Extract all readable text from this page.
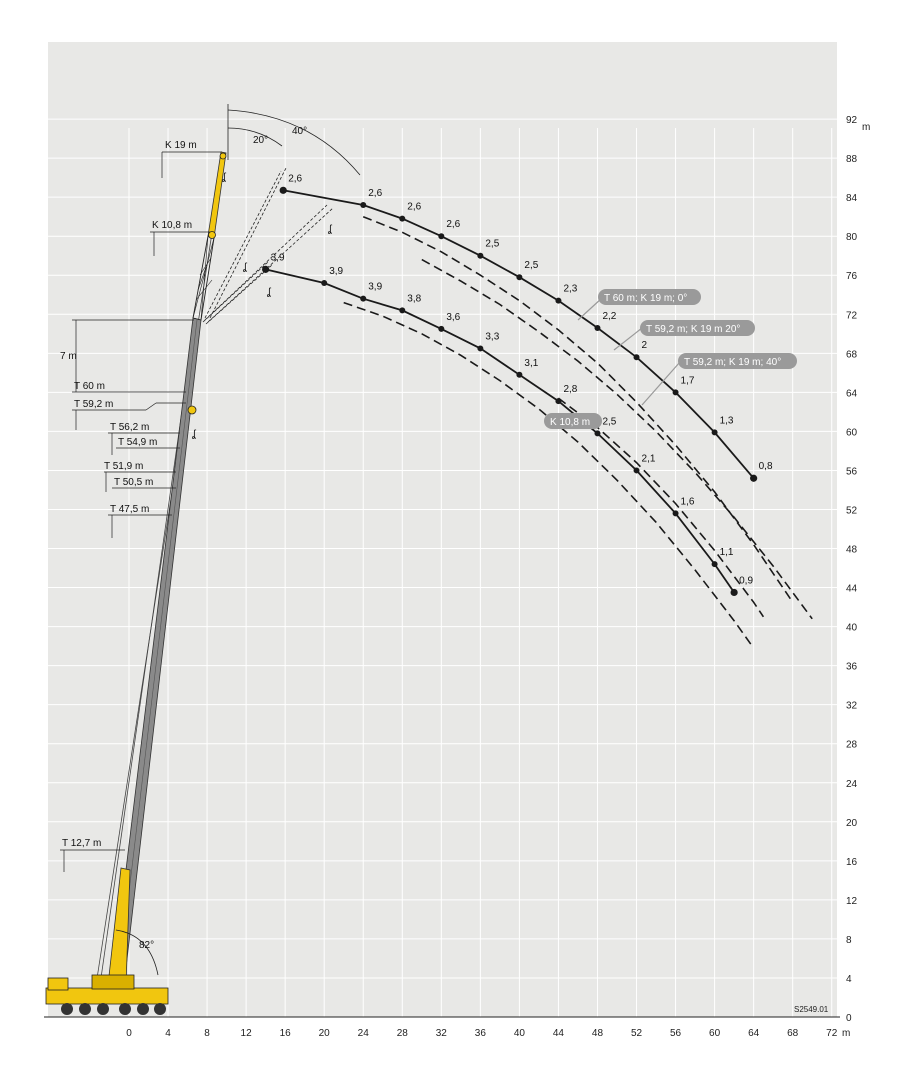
0	4	8	12	16	20	24	28	32	36	40	44	48	52	56	60	64	68	72
0
4
8
12
16
20
24
28
32
36
40
44
48
52
56
60
64
68
72
76
80
84
88
92
ʆ
ʆ
ʆ
ʆ
ʆ
20°
40°
82°
K 19 m
K 10,8 m
7 m
T 60 m
T 59,2 m
T 56,2 m
T 54,9 m
T 51,9 m
T 50,5 m
T 47,5 m
T 12,7 m
2,6
2,6
2,6
2,6
2,5
2,5
2,3
2,2
2
1,7
1,3
0,8
3,9
3,9
3,9
3,8
3,6
3,3
3,1
2,8
2,5
2,1
1,6
1,1
0,9
T 60 m; K 19 m; 0°
T 59,2 m; K 19 m 20°
T 59,2 m; K 19 m; 40°
K 10,8 m
S2549.01
m
m
